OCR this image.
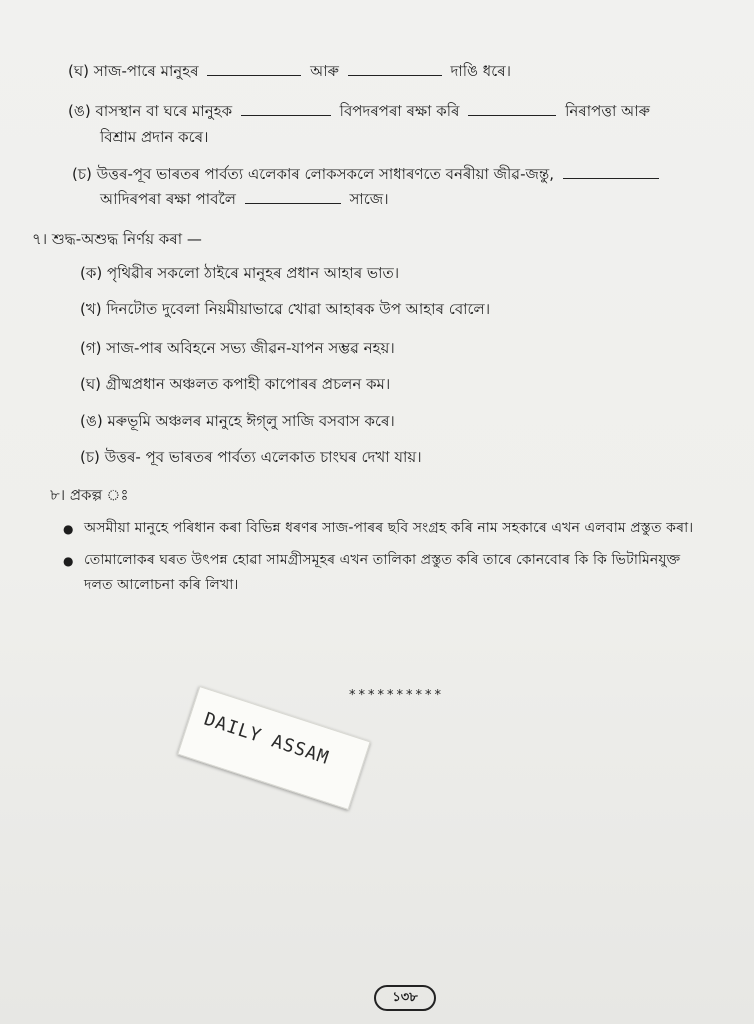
(ঘ) সাজ-পাৰে মানুহৰ	আৰু	দাঙি ধৰে।
(ঙ) বাসস্থান বা ঘৰে মানুহক	বিপদৰপৰা ৰক্ষা কৰি	নিৰাপত্তা আৰু
বিশ্ৰাম প্ৰদান কৰে।
(চ) উত্তৰ-পূব ভাৰতৰ পাৰ্বত্য এলেকাৰ লোকসকলে সাধাৰণতে বনৰীয়া জীৱ-জন্তু,
আদিৰপৰা ৰক্ষা পাবলৈ	সাজে।
৭। শুদ্ধ-অশুদ্ধ নিৰ্ণয় কৰা —
(ক) পৃথিৱীৰ সকলো ঠাইৰে মানুহৰ প্ৰধান আহাৰ ভাত।
(খ) দিনটোত দুবেলা নিয়মীয়াভাৱে খোৱা আহাৰক উপ আহাৰ বোলে।
(গ) সাজ-পাৰ অবিহনে সভ্য জীৱন-যাপন সম্ভৱ নহয়।
(ঘ) গ্ৰীষ্মপ্ৰধান অঞ্চলত কপাহী কাপোৰৰ প্ৰচলন কম।
(ঙ) মৰুভূমি অঞ্চলৰ মানুহে ঈগ্‌লু সাজি বসবাস কৰে।
(চ) উত্তৰ- পূব ভাৰতৰ পাৰ্বত্য এলেকাত চাংঘৰ দেখা যায়।
৮। প্ৰকল্প ঃ
● অসমীয়া মানুহে পৰিধান কৰা বিভিন্ন ধৰণৰ সাজ-পাৰৰ ছবি সংগ্ৰহ কৰি নাম সহকাৰে এখন এলবাম প্ৰস্তুত কৰা।
● তোমালোকৰ ঘৰত উৎপন্ন হোৱা সামগ্ৰীসমূহৰ এখন তালিকা প্ৰস্তুত কৰি তাৰে কোনবোৰ কি কি ভিটামিনযুক্ত
দলত আলোচনা কৰি লিখা।
**********
DAILY ASSAM
১৩৮
